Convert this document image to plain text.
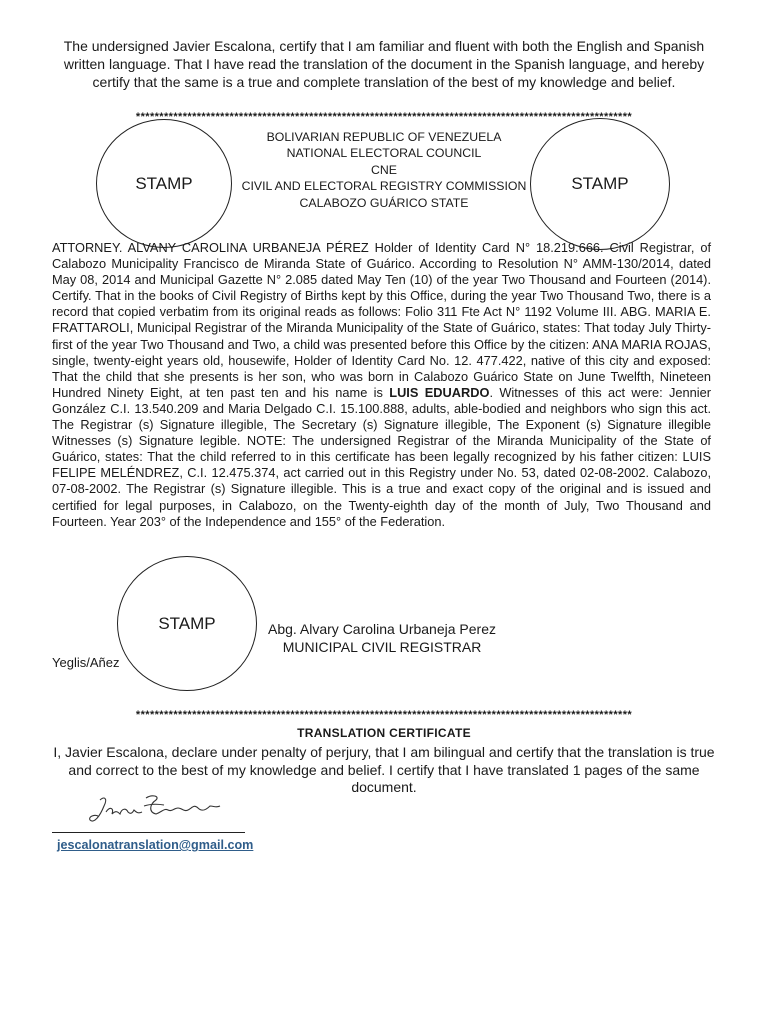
The undersigned Javier Escalona, certify that I am familiar and fluent with both the English and Spanish written language. That I have read the translation of the document in the Spanish language, and hereby certify that the same is a true and complete translation of the best of my knowledge and belief.
**********************************************************************************************************
STAMP
BOLIVARIAN REPUBLIC OF VENEZUELA
NATIONAL ELECTORAL COUNCIL
CNE
CIVIL AND ELECTORAL REGISTRY COMMISSION
CALABOZO GUÁRICO STATE
STAMP
ATTORNEY. ALVANY CAROLINA URBANEJA PÉREZ Holder of Identity Card N° 18.219.666. Civil Registrar, of Calabozo Municipality Francisco de Miranda State of Guárico. According to Resolution N° AMM-130/2014, dated May 08, 2014 and Municipal Gazette N° 2.085 dated May Ten (10) of the year Two Thousand and Fourteen (2014). Certify. That in the books of Civil Registry of Births kept by this Office, during the year Two Thousand Two, there is a record that copied verbatim from its original reads as follows: Folio 311 Fte Act N° 1192 Volume III. ABG. MARIA E. FRATTAROLI, Municipal Registrar of the Miranda Municipality of the State of Guárico, states: That today July Thirty-first of the year Two Thousand and Two, a child was presented before this Office by the citizen: ANA MARIA ROJAS, single, twenty-eight years old, housewife, Holder of Identity Card No. 12. 477.422, native of this city and exposed: That the child that she presents is her son, who was born in Calabozo Guárico State on June Twelfth, Nineteen Hundred Ninety Eight, at ten past ten and his name is LUIS EDUARDO. Witnesses of this act were: Jennier González C.I. 13.540.209 and Maria Delgado C.I. 15.100.888, adults, able-bodied and neighbors who sign this act. The Registrar (s) Signature illegible, The Secretary (s) Signature illegible, The Exponent (s) Signature illegible Witnesses (s) Signature legible. NOTE: The undersigned Registrar of the Miranda Municipality of the State of Guárico, states: That the child referred to in this certificate has been legally recognized by his father citizen: LUIS FELIPE MELÉNDREZ, C.I. 12.475.374, act carried out in this Registry under No. 53, dated 02-08-2002. Calabozo, 07-08-2002. The Registrar (s) Signature illegible. This is a true and exact copy of the original and is issued and certified for legal purposes, in Calabozo, on the Twenty-eighth day of the month of July, Two Thousand and Fourteen. Year 203° of the Independence and 155° of the Federation.
STAMP	Abg. Alvary Carolina Urbaneja Perez
MUNICIPAL CIVIL REGISTRAR
Yeglis/Añez
**********************************************************************************************************
TRANSLATION CERTIFICATE
I, Javier Escalona, declare under penalty of perjury, that I am bilingual and certify that the translation is true and correct to the best of my knowledge and belief. I certify that I have translated 1 pages of the same document.
jescalonatranslation@gmail.com
